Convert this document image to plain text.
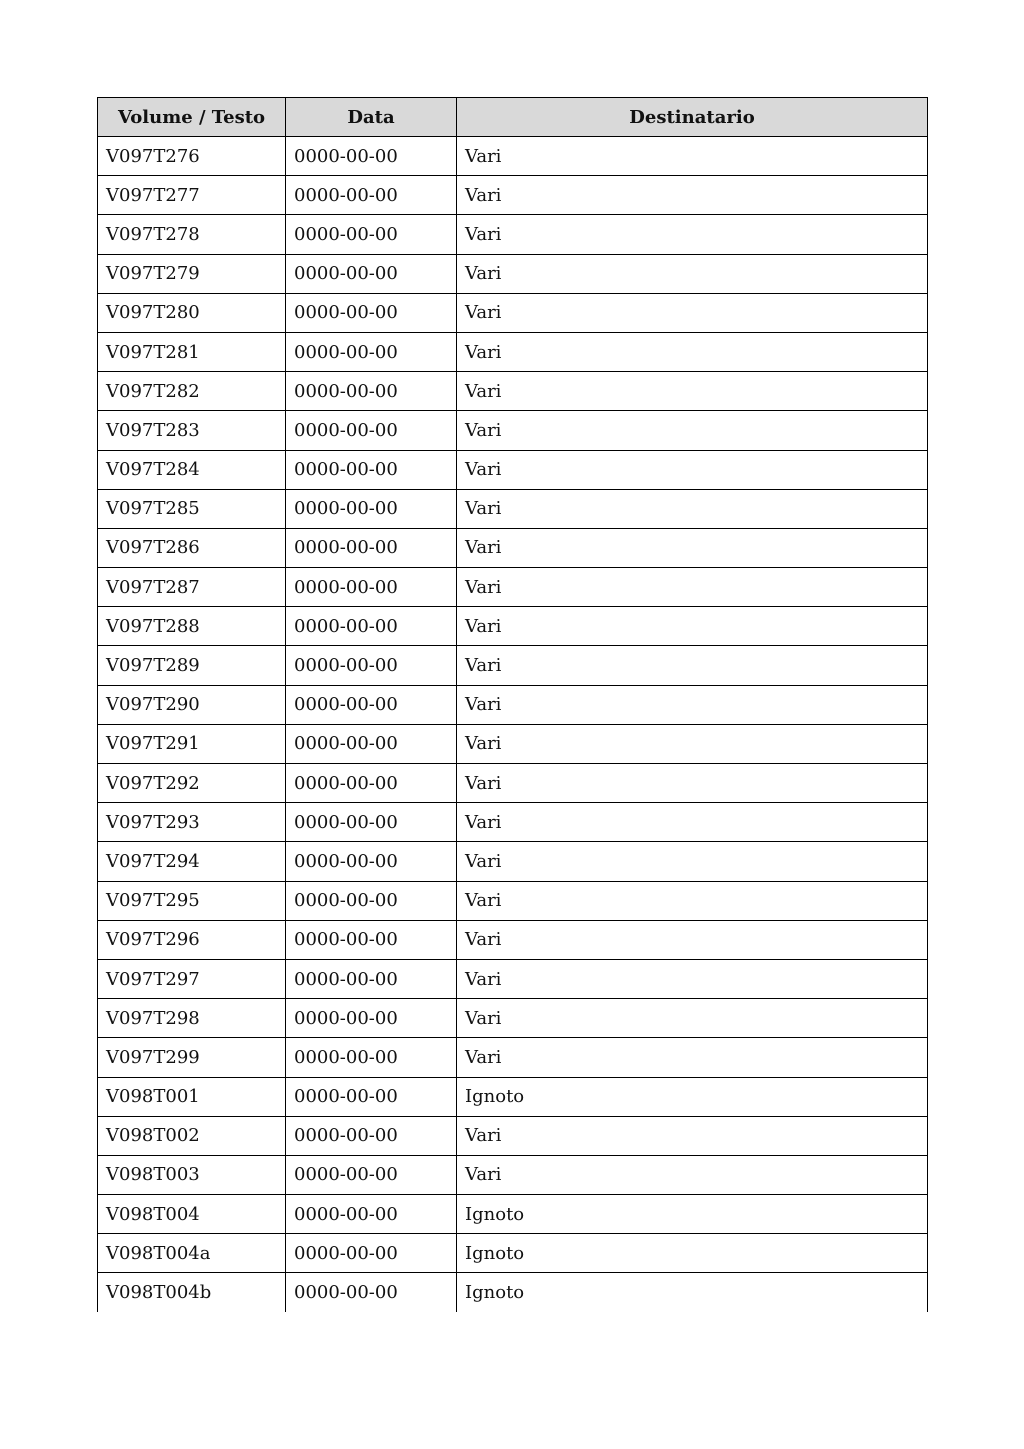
Volume / Testo	Data	Destinatario
V097T276	0000-00-00	Vari
V097T277	0000-00-00	Vari
V097T278	0000-00-00	Vari
V097T279	0000-00-00	Vari
V097T280	0000-00-00	Vari
V097T281	0000-00-00	Vari
V097T282	0000-00-00	Vari
V097T283	0000-00-00	Vari
V097T284	0000-00-00	Vari
V097T285	0000-00-00	Vari
V097T286	0000-00-00	Vari
V097T287	0000-00-00	Vari
V097T288	0000-00-00	Vari
V097T289	0000-00-00	Vari
V097T290	0000-00-00	Vari
V097T291	0000-00-00	Vari
V097T292	0000-00-00	Vari
V097T293	0000-00-00	Vari
V097T294	0000-00-00	Vari
V097T295	0000-00-00	Vari
V097T296	0000-00-00	Vari
V097T297	0000-00-00	Vari
V097T298	0000-00-00	Vari
V097T299	0000-00-00	Vari
V098T001	0000-00-00	Ignoto
V098T002	0000-00-00	Vari
V098T003	0000-00-00	Vari
V098T004	0000-00-00	Ignoto
V098T004a	0000-00-00	Ignoto
V098T004b	0000-00-00	Ignoto
